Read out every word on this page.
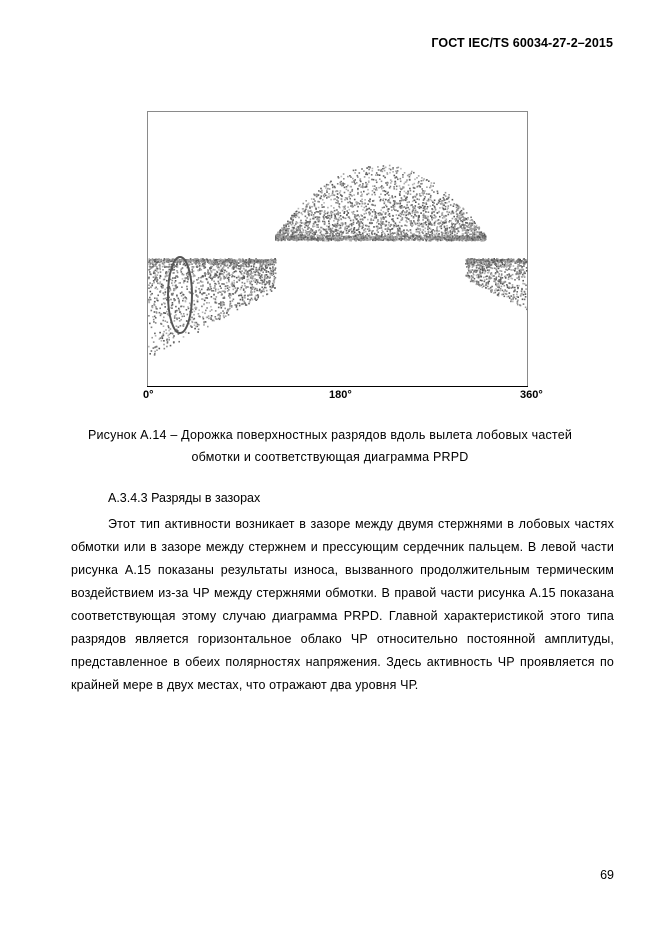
ГОСТ IEC/TS 60034-27-2–2015
0°	180°	360°
Рисунок А.14 – Дорожка поверхностных разрядов вдоль вылета лобовых частей
обмотки и соответствующая диаграмма PRPD
А.3.4.3 Разряды в зазорах

Этот тип активности возникает в зазоре между двумя стержнями в лобовых частях обмотки или в зазоре между стержнем и прессующим сердечник пальцем. В левой части рисунка А.15 показаны результаты износа, вызванного продолжительным термическим воздействием из-за ЧР между стержнями обмотки. В правой части рисунка А.15 показана соответствующая этому случаю диаграмма PRPD. Главной характеристикой этого типа разрядов является горизонтальное облако ЧР относительно постоянной амплитуды, представленное в обеих полярностях напряжения. Здесь активность ЧР проявляется по крайней мере в двух местах, что отражают два уровня ЧР.

69
